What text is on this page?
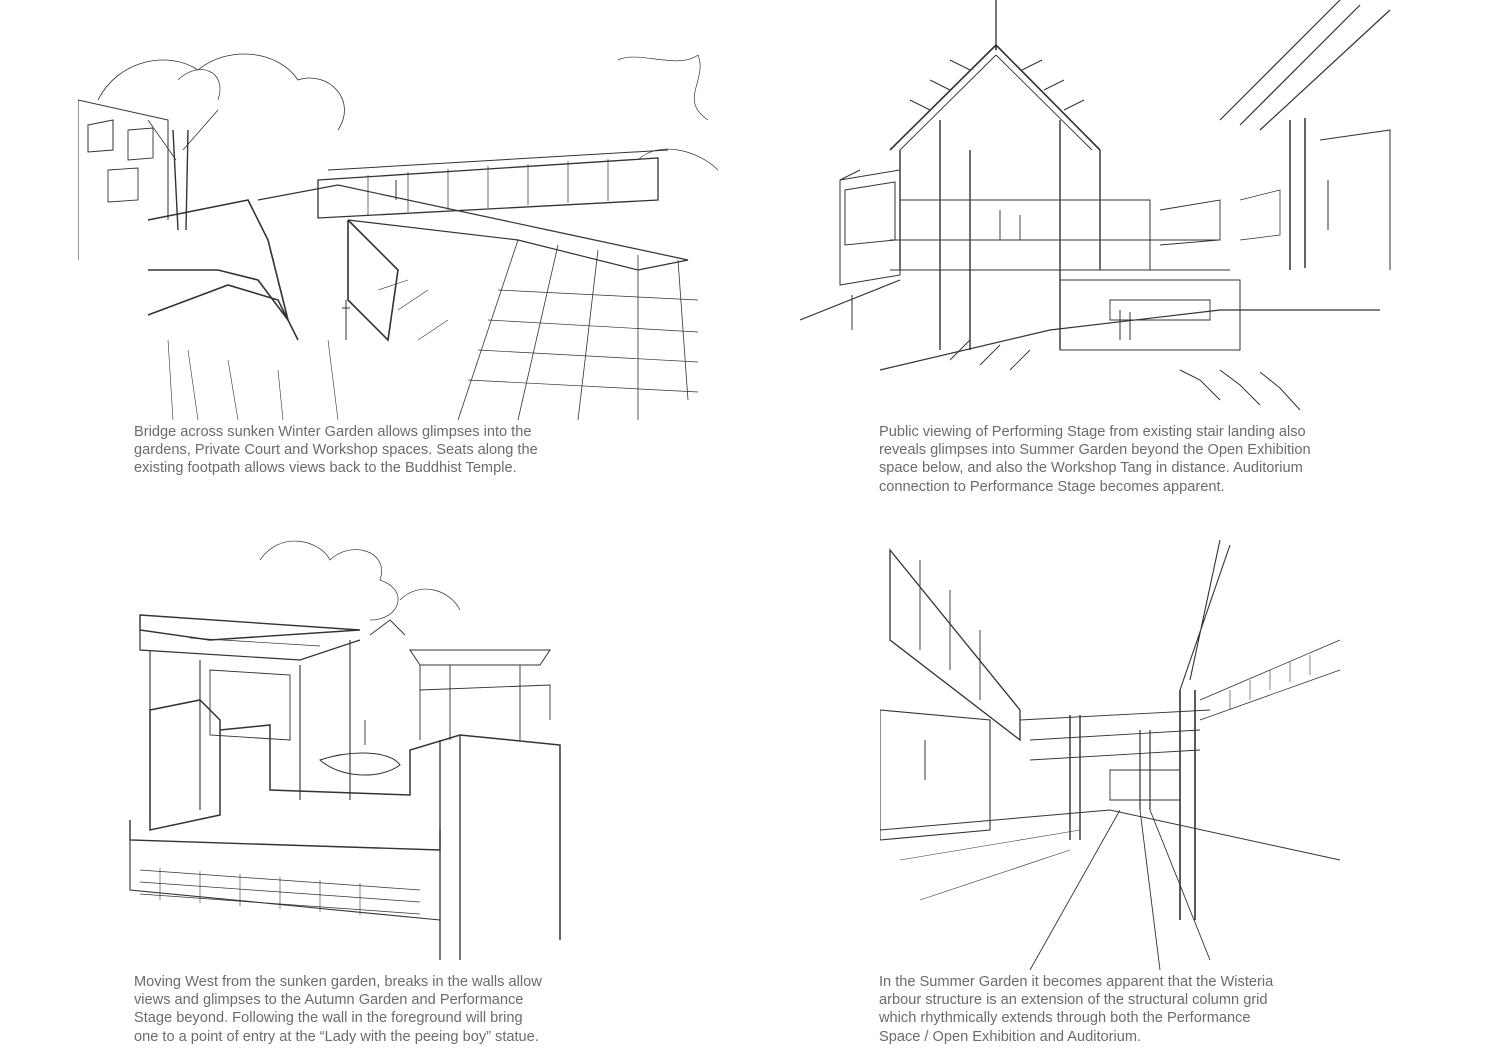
Bridge across sunken Winter Garden allows glimpses into the
gardens, Private Court and Workshop spaces. Seats along the
existing footpath allows views back to the Buddhist Temple.
Public viewing of Performing Stage from existing stair landing also
reveals glimpses into Summer Garden beyond the Open Exhibition
space below, and also the Workshop Tang in distance. Auditorium
connection to Performance Stage becomes apparent.
Moving West from the sunken garden, breaks in the walls allow
views and glimpses to the Autumn Garden and Performance
Stage beyond. Following the wall in the foreground will bring
one to a point of entry at the “Lady with the peeing boy” statue.
In the Summer Garden it becomes apparent that the Wisteria
arbour structure is an extension of the structural column grid
which rhythmically extends through both the Performance
Space / Open Exhibition and Auditorium.
